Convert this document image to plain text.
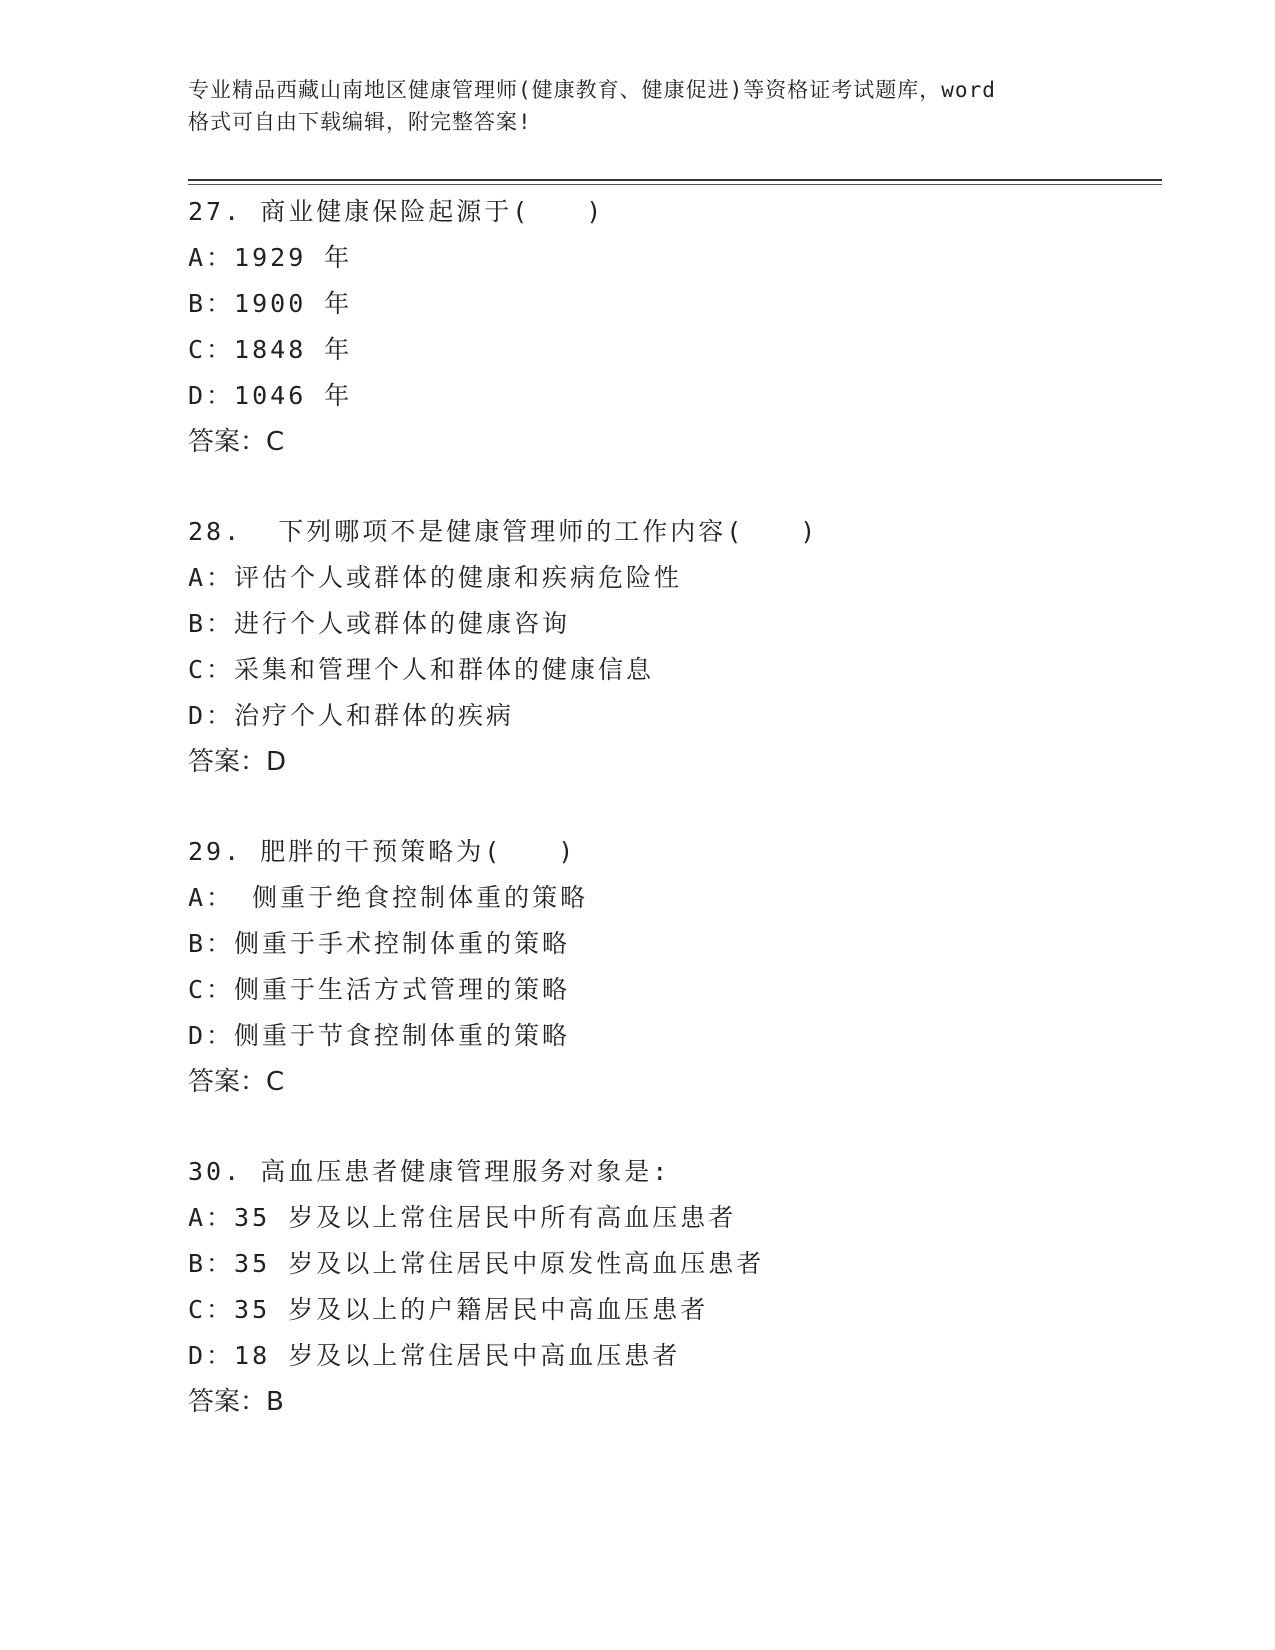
专业精品西藏山南地区健康管理师(健康教育、健康促进)等资格证考试题库，word
格式可自由下载编辑，附完整答案!
27. 商业健康保险起源于(　　)
A：1929 年
B：1900 年
C：1848 年
D：1046 年
答案：C
28.  下列哪项不是健康管理师的工作内容(　　)
A：评估个人或群体的健康和疾病危险性
B：进行个人或群体的健康咨询
C：采集和管理个人和群体的健康信息
D：治疗个人和群体的疾病
答案：D
29. 肥胖的干预策略为(　　)
A： 侧重于绝食控制体重的策略
B：侧重于手术控制体重的策略
C：侧重于生活方式管理的策略
D：侧重于节食控制体重的策略
答案：C
30. 高血压患者健康管理服务对象是:
A：35 岁及以上常住居民中所有高血压患者
B：35 岁及以上常住居民中原发性高血压患者
C：35 岁及以上的户籍居民中高血压患者
D：18 岁及以上常住居民中高血压患者
答案：B
